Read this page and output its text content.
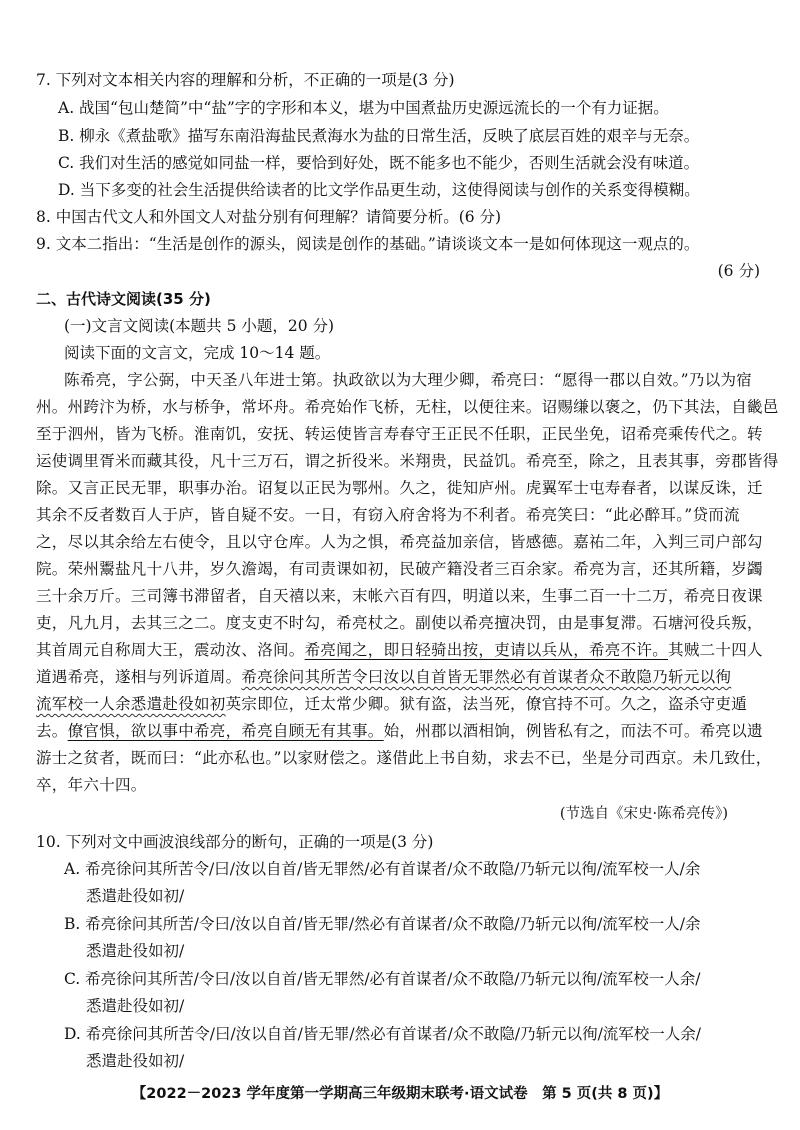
7. 下列对文本相关内容的理解和分析，不正确的一项是(3 分)
A. 战国“包山楚简”中“盐”字的字形和本义，堪为中国煮盐历史源远流长的一个有力证据。
B. 柳永《煮盐歌》描写东南沿海盐民煮海水为盐的日常生活，反映了底层百姓的艰辛与无奈。
C. 我们对生活的感觉如同盐一样，要恰到好处，既不能多也不能少，否则生活就会没有味道。
D. 当下多变的社会生活提供给读者的比文学作品更生动，这使得阅读与创作的关系变得模糊。
8. 中国古代文人和外国文人对盐分别有何理解？请简要分析。(6 分)
9. 文本二指出：“生活是创作的源头，阅读是创作的基础。”请谈谈文本一是如何体现这一观点的。
(6 分)
二、古代诗文阅读(35 分)
(一)文言文阅读(本题共 5 小题，20 分)
阅读下面的文言文，完成 10～14 题。
陈希亮，字公弼，中天圣八年进士第。执政欲以为大理少卿，希亮曰：“愿得一郡以自效。”乃以为宿
州。州跨汴为桥，水与桥争，常坏舟。希亮始作飞桥，无柱，以便往来。诏赐缣以褒之，仍下其法，自畿邑
至于泗州，皆为飞桥。淮南饥，安抚、转运使皆言寿春守王正民不任职，正民坐免，诏希亮乘传代之。转
运使调里胥米而藏其役，凡十三万石，谓之折役米。米翔贵，民益饥。希亮至，除之，且表其事，旁郡皆得
除。又言正民无罪，职事办治。诏复以正民为鄂州。久之，徙知庐州。虎翼军士屯寿春者，以谋反诛，迁
其余不反者数百人于庐，皆自疑不安。一日，有窃入府舍将为不利者。希亮笑曰：“此必醉耳。”贷而流
之，尽以其余给左右使令，且以守仓库。人为之惧，希亮益加亲信，皆感德。嘉祐二年，入判三司户部勾
院。荣州鬻盐凡十八井，岁久澹竭，有司责课如初，民破产籍没者三百余家。希亮为言，还其所籍，岁蠲
三十余万斤。三司簿书滞留者，自天禧以来，末帐六百有四，明道以来，生事二百一十二万，希亮日夜课
吏，凡九月，去其三之二。度支吏不时勾，希亮杖之。副使以希亮擅决罚，由是事复滞。石塘河役兵叛，
其首周元自称周大王，震动汝、洛间。希亮闻之，即日轻骑出按，吏请以兵从，希亮不许。其贼二十四人
道遇希亮，遂相与列诉道周。希亮徐问其所苦令曰汝以自首皆无罪然必有首谋者众不敢隐乃斩元以徇
流军校一人余悉遣赴役如初英宗即位，迁太常少卿。狱有盗，法当死，僚官持不可。久之，盗杀守吏遁
去。僚官惧，欲以事中希亮，希亮自顾无有其事。始，州郡以酒相饷，例皆私有之，而法不可。希亮以遗
游士之贫者，既而曰：“此亦私也。”以家财偿之。遂借此上书自劾，求去不已，坐是分司西京。未几致仕，
卒，年六十四。
(节选自《宋史·陈希亮传》)
10. 下列对文中画波浪线部分的断句，正确的一项是(3 分)
A. 希亮徐问其所苦令/曰/汝以自首/皆无罪然/必有首谋者/众不敢隐/乃斩元以徇/流军校一人/余
悉遣赴役如初/
B. 希亮徐问其所苦/令曰/汝以自首/皆无罪/然必有首谋者/众不敢隐/乃斩元以徇/流军校一人/余
悉遣赴役如初/
C. 希亮徐问其所苦/令曰/汝以自首/皆无罪然/必有首谋者/众不敢隐/乃斩元以徇/流军校一人余/
悉遣赴役如初/
D. 希亮徐问其所苦令/曰/汝以自首/皆无罪/然必有首谋者/众不敢隐/乃斩元以徇/流军校一人余/
悉遣赴役如初/
【2022－2023 学年度第一学期高三年级期末联考·语文试卷　第 5 页(共 8 页)】
